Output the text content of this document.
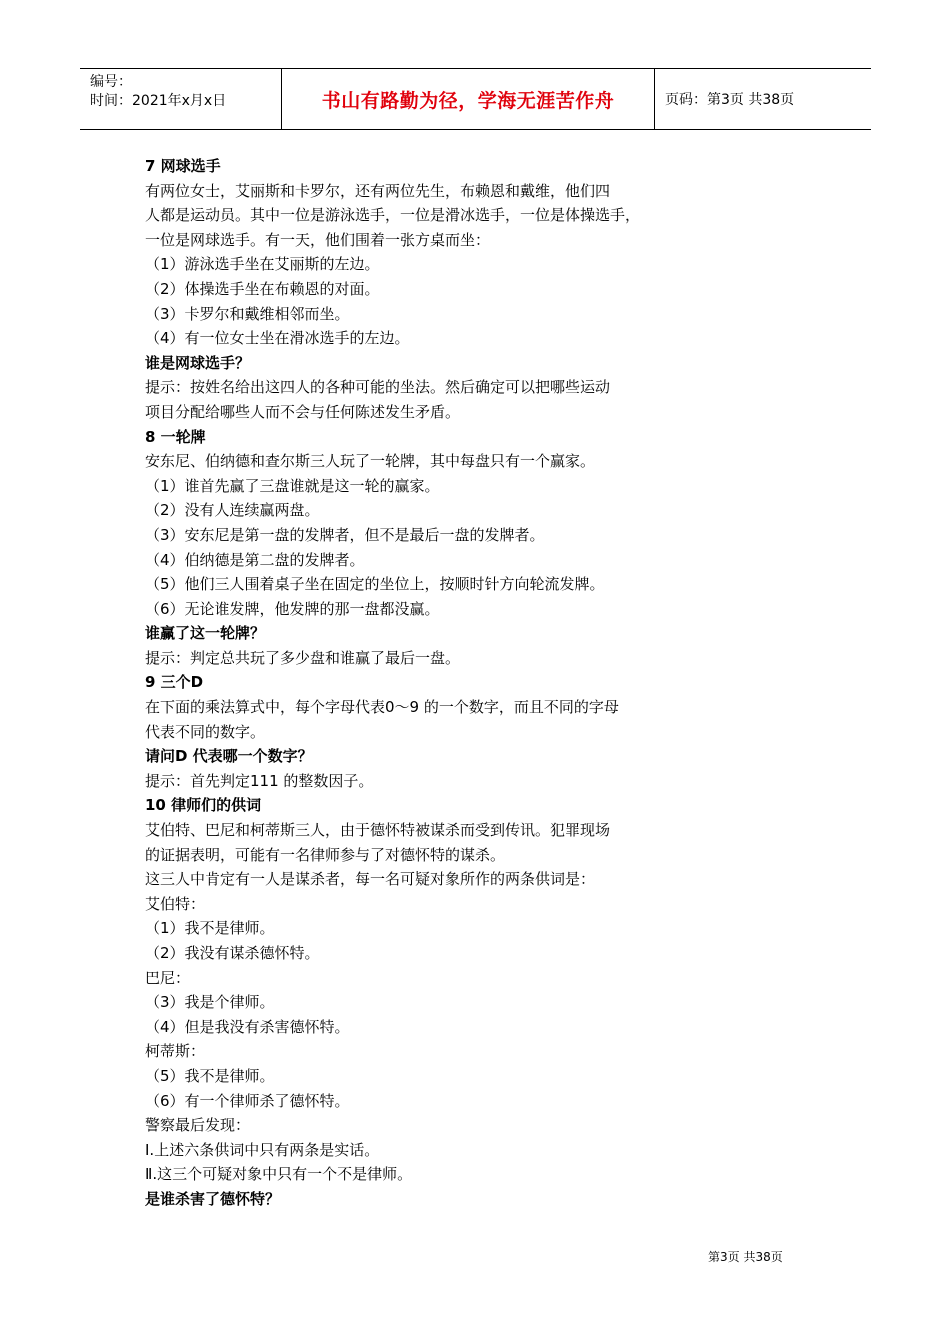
编号：
时间：2021年x月x日	书山有路勤为径，学海无涯苦作舟	页码：第3页 共38页
7 网球选手
有两位女士，艾丽斯和卡罗尔，还有两位先生，布赖恩和戴维，他们四
人都是运动员。其中一位是游泳选手，一位是滑冰选手，一位是体操选手，
一位是网球选手。有一天，他们围着一张方桌而坐：
（1）游泳选手坐在艾丽斯的左边。
（2）体操选手坐在布赖恩的对面。
（3）卡罗尔和戴维相邻而坐。
（4）有一位女士坐在滑冰选手的左边。
谁是网球选手？
提示：按姓名给出这四人的各种可能的坐法。然后确定可以把哪些运动
项目分配给哪些人而不会与任何陈述发生矛盾。
8 一轮牌
安东尼、伯纳德和查尔斯三人玩了一轮牌，其中每盘只有一个赢家。
（1）谁首先赢了三盘谁就是这一轮的赢家。
（2）没有人连续赢两盘。
（3）安东尼是第一盘的发牌者，但不是最后一盘的发牌者。
（4）伯纳德是第二盘的发牌者。
（5）他们三人围着桌子坐在固定的坐位上，按顺时针方向轮流发牌。
（6）无论谁发牌，他发牌的那一盘都没赢。
谁赢了这一轮牌？
提示：判定总共玩了多少盘和谁赢了最后一盘。
9 三个D
在下面的乘法算式中，每个字母代表0～9 的一个数字，而且不同的字母
代表不同的数字。
请问D 代表哪一个数字？
提示：首先判定111 的整数因子。
10 律师们的供词
艾伯特、巴尼和柯蒂斯三人，由于德怀特被谋杀而受到传讯。犯罪现场
的证据表明，可能有一名律师参与了对德怀特的谋杀。
这三人中肯定有一人是谋杀者，每一名可疑对象所作的两条供词是：
艾伯特：
（1）我不是律师。
（2）我没有谋杀德怀特。
巴尼：
（3）我是个律师。
（4）但是我没有杀害德怀特。
柯蒂斯：
（5）我不是律师。
（6）有一个律师杀了德怀特。
警察最后发现：
Ⅰ.上述六条供词中只有两条是实话。
Ⅱ.这三个可疑对象中只有一个不是律师。
是谁杀害了德怀特？
第3页 共38页
